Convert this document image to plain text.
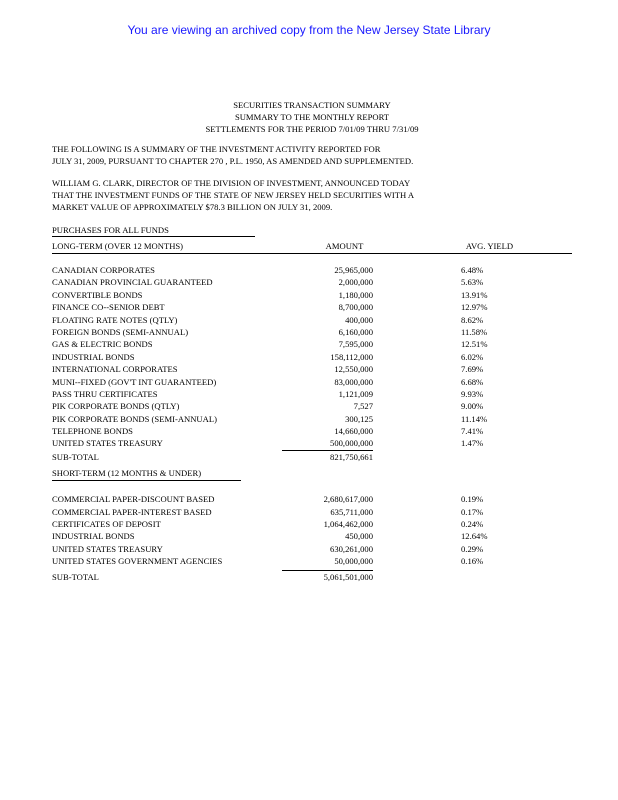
You are viewing an archived copy from the New Jersey State Library
SECURITIES TRANSACTION SUMMARY
SUMMARY TO THE MONTHLY REPORT
SETTLEMENTS FOR THE PERIOD 7/01/09 THRU 7/31/09
THE FOLLOWING IS A SUMMARY OF THE INVESTMENT ACTIVITY REPORTED FOR
JULY 31, 2009, PURSUANT TO CHAPTER 270 , P.L. 1950, AS AMENDED AND SUPPLEMENTED.
WILLIAM G. CLARK, DIRECTOR OF THE DIVISION OF INVESTMENT, ANNOUNCED TODAY
THAT THE INVESTMENT FUNDS OF THE STATE OF NEW JERSEY HELD SECURITIES WITH A
MARKET VALUE OF APPROXIMATELY $78.3 BILLION ON JULY 31, 2009.
PURCHASES FOR ALL FUNDS
LONG-TERM (OVER 12 MONTHS)	AMOUNT	AVG. YIELD
CANADIAN CORPORATES	25,965,000	6.48%
CANADIAN PROVINCIAL GUARANTEED	2,000,000	5.63%
CONVERTIBLE BONDS	1,180,000	13.91%
FINANCE CO--SENIOR DEBT	8,700,000	12.97%
FLOATING RATE NOTES (QTLY)	400,000	8.62%
FOREIGN BONDS (SEMI-ANNUAL)	6,160,000	11.58%
GAS & ELECTRIC BONDS	7,595,000	12.51%
INDUSTRIAL BONDS	158,112,000	6.02%
INTERNATIONAL CORPORATES	12,550,000	7.69%
MUNI--FIXED (GOV'T INT GUARANTEED)	83,000,000	6.68%
PASS THRU CERTIFICATES	1,121,009	9.93%
PIK CORPORATE BONDS (QTLY)	7,527	9.00%
PIK CORPORATE BONDS (SEMI-ANNUAL)	300,125	11.14%
TELEPHONE BONDS	14,660,000	7.41%
UNITED STATES TREASURY	500,000,000	1.47%
SUB-TOTAL	821,750,661
SHORT-TERM (12 MONTHS & UNDER)
COMMERCIAL PAPER-DISCOUNT BASED	2,680,617,000	0.19%
COMMERCIAL PAPER-INTEREST BASED	635,711,000	0.17%
CERTIFICATES OF DEPOSIT	1,064,462,000	0.24%
INDUSTRIAL BONDS	450,000	12.64%
UNITED STATES TREASURY	630,261,000	0.29%
UNITED STATES GOVERNMENT AGENCIES	50,000,000	0.16%
SUB-TOTAL	5,061,501,000
